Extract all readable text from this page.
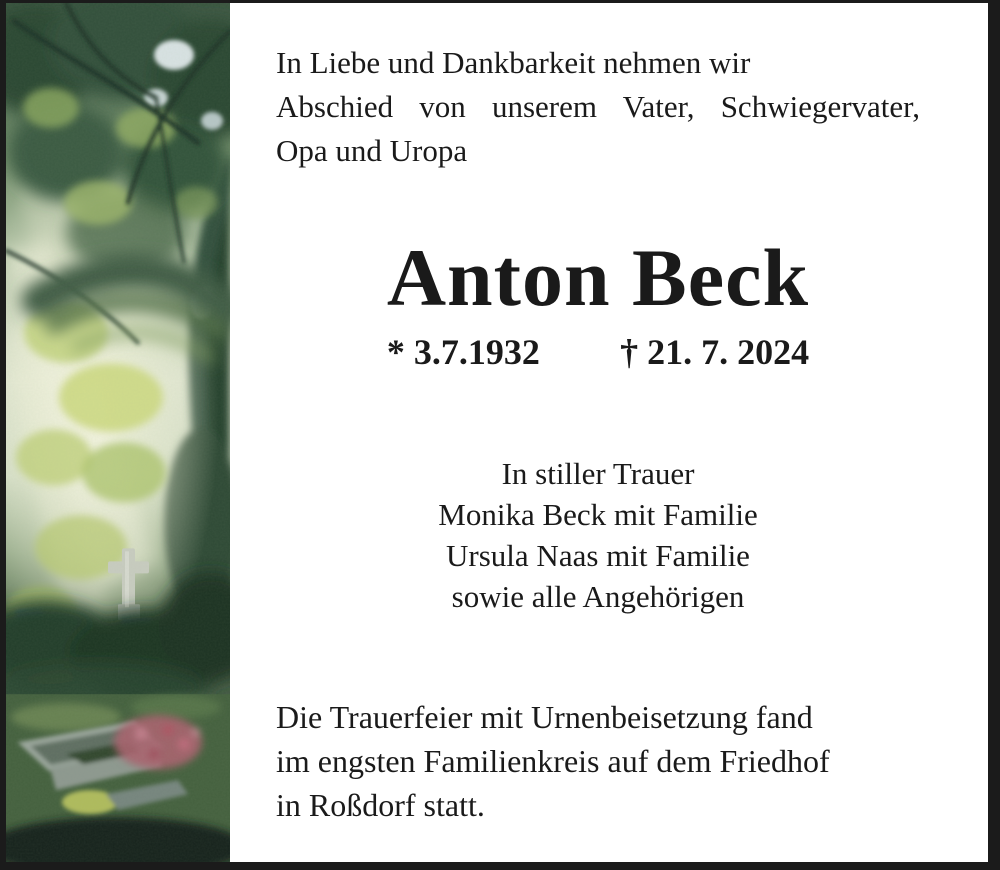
In Liebe und Dankbarkeit nehmen wir
Abschied von unserem Vater, Schwiegervater,
Opa und Uropa
Anton Beck
* 3.7.1932 † 21. 7. 2024
In stiller Trauer
Monika Beck mit Familie
Ursula Naas mit Familie
sowie alle Angehörigen
Die Trauerfeier mit Urnenbeisetzung fand
im engsten Familienkreis auf dem Friedhof
in Roßdorf statt.
